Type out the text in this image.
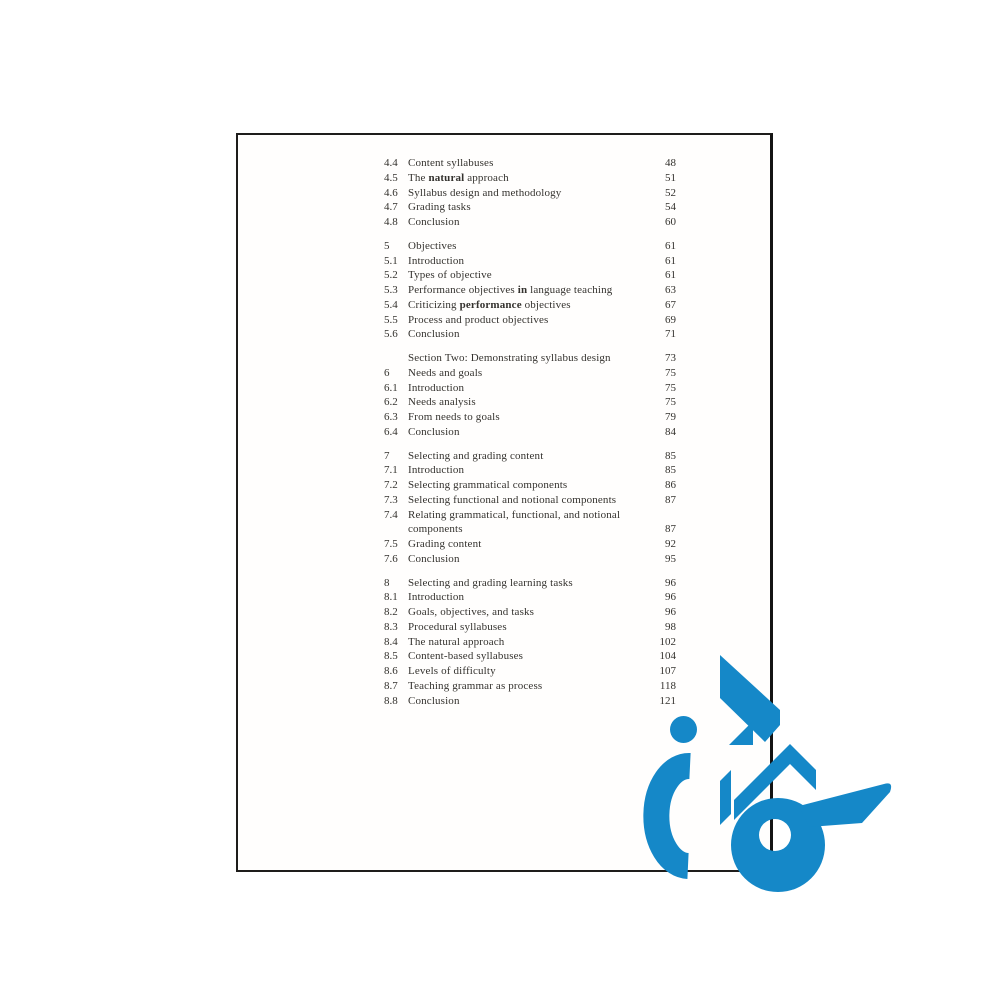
4.4 Content syllabuses	48
4.5 The natural approach	51
4.6 Syllabus design and methodology	52
4.7 Grading tasks	54
4.8 Conclusion	60
5	Objectives	61
5.1 Introduction	61
5.2 Types of objective	61
5.3 Performance objectives in language teaching	63
5.4 Criticizing performance objectives	67
5.5 Process and product objectives	69
5.6 Conclusion	71
Section Two: Demonstrating syllabus design	73
6	Needs and goals	75
6.1 Introduction	75
6.2 Needs analysis	75
6.3 From needs to goals	79
6.4 Conclusion	84
7	Selecting and grading content	85
7.1 Introduction	85
7.2 Selecting grammatical components	86
7.3 Selecting functional and notional components	87
7.4 Relating grammatical, functional, and notional
components	87
7.5 Grading content	92
7.6 Conclusion	95
8	Selecting and grading learning tasks	96
8.1 Introduction	96
8.2 Goals, objectives, and tasks	96
8.3 Procedural syllabuses	98
8.4 The natural approach	102
8.5 Content-based syllabuses	104
8.6 Levels of difficulty	107
8.7 Teaching grammar as process	118
8.8 Conclusion	121
